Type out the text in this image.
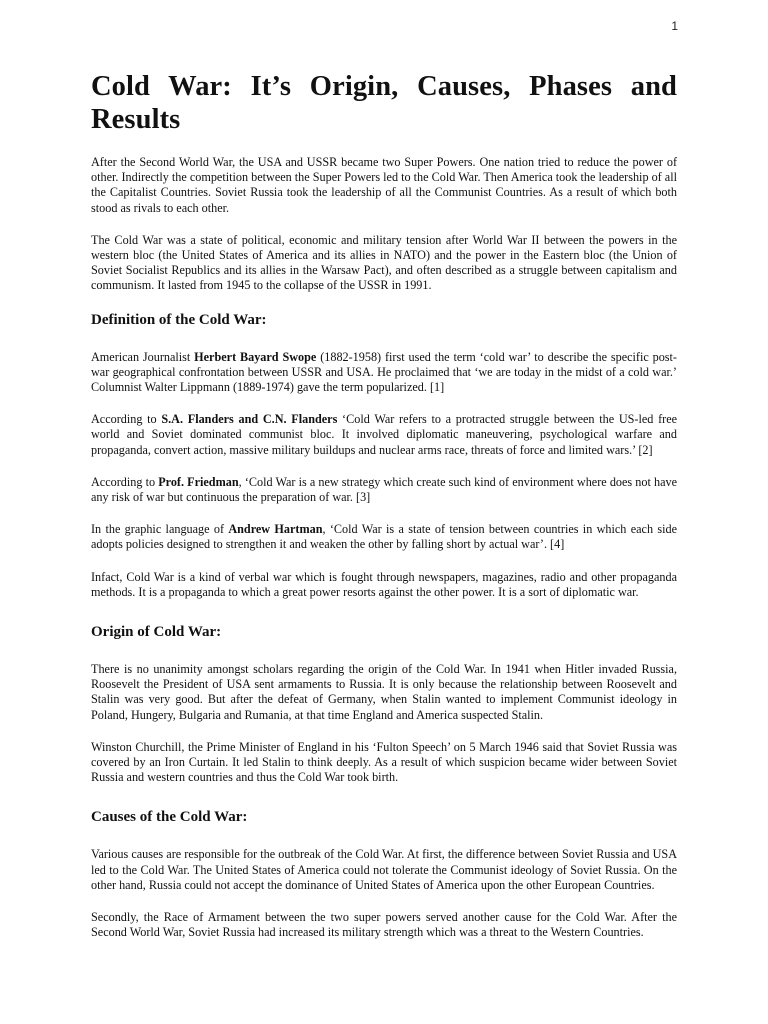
1
Cold War: It’s Origin, Causes, Phases and Results

After the Second World War, the USA and USSR became two Super Powers. One nation tried to reduce the power of other. Indirectly the competition between the Super Powers led to the Cold War. Then America took the leadership of all the Capitalist Countries. Soviet Russia took the leadership of all the Communist Countries. As a result of which both stood as rivals to each other.

The Cold War was a state of political, economic and military tension after World War II between the powers in the western bloc (the United States of America and its allies in NATO) and the power in the Eastern bloc (the Union of Soviet Socialist Republics and its allies in the Warsaw Pact), and often described as a struggle between capitalism and communism. It lasted from 1945 to the collapse of the USSR in 1991.

Definition of the Cold War:

American Journalist Herbert Bayard Swope (1882-1958) first used the term ‘cold war’ to describe the specific post-war geographical confrontation between USSR and USA. He proclaimed that ‘we are today in the midst of a cold war.’ Columnist Walter Lippmann (1889-1974) gave the term popularized. [1]

According to S.A. Flanders and C.N. Flanders ‘Cold War refers to a protracted struggle between the US-led free world and Soviet dominated communist bloc. It involved diplomatic maneuvering, psychological warfare and propaganda, convert action, massive military buildups and nuclear arms race, threats of force and limited wars.’ [2]

According to Prof. Friedman, ‘Cold War is a new strategy which create such kind of environment where does not have any risk of war but continuous the preparation of war. [3]

In the graphic language of Andrew Hartman, ‘Cold War is a state of tension between countries in which each side adopts policies designed to strengthen it and weaken the other by falling short by actual war’. [4]

Infact, Cold War is a kind of verbal war which is fought through newspapers, magazines, radio and other propaganda methods. It is a propaganda to which a great power resorts against the other power. It is a sort of diplomatic war.

Origin of Cold War:

There is no unanimity amongst scholars regarding the origin of the Cold War. In 1941 when Hitler invaded Russia, Roosevelt the President of USA sent armaments to Russia. It is only because the relationship between Roosevelt and Stalin was very good. But after the defeat of Germany, when Stalin wanted to implement Communist ideology in Poland, Hungery, Bulgaria and Rumania, at that time England and America suspected Stalin.

Winston Churchill, the Prime Minister of England in his ‘Fulton Speech’ on 5 March 1946 said that Soviet Russia was covered by an Iron Curtain. It led Stalin to think deeply. As a result of which suspicion became wider between Soviet Russia and western countries and thus the Cold War took birth.

Causes of the Cold War:

Various causes are responsible for the outbreak of the Cold War. At first, the difference between Soviet Russia and USA led to the Cold War. The United States of America could not tolerate the Communist ideology of Soviet Russia. On the other hand, Russia could not accept the dominance of United States of America upon the other European Countries.

Secondly, the Race of Armament between the two super powers served another cause for the Cold War. After the Second World War, Soviet Russia had increased its military strength which was a threat to the Western Countries.
